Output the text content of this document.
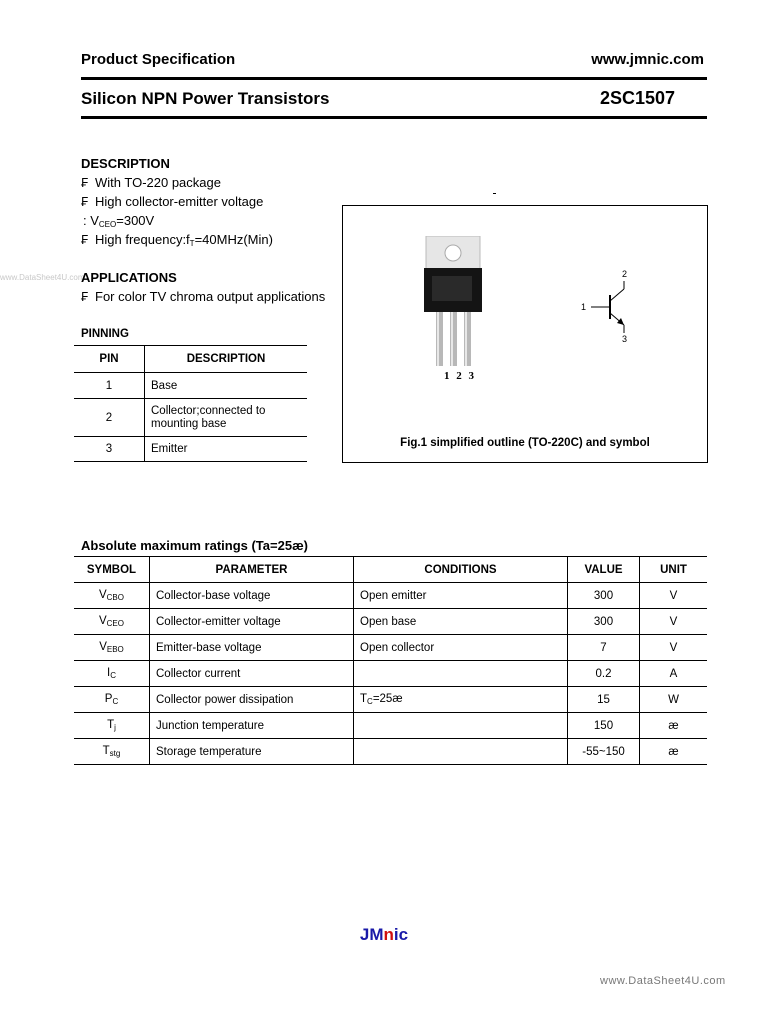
Product Specification	www.jmnic.com
Silicon NPN Power Transistors	2SC1507
DESCRIPTION
₣ With TO-220 package
₣ High collector-emitter voltage
: $V_{CEO}=300V$
₣ High $frequency:f_T=40MHz(Min)$
www.DataSheet4U.com
APPLICATIONS
₣ For color TV chroma output applications
PINNING
PIN	DESCRIPTION
1	Base
2	Collector;connected to mounting base
3	Emitter
1 2 3
1
2
3
Fig.1 simplified outline (TO-220C) and symbol
Absolute maximum ratings (Ta=25æ)
SYMBOL	PARAMETER	CONDITIONS	VALUE	UNIT
$V_{CBO}$	Collector-base voltage	Open emitter	300	V
$V_{CEO}$	Collector-emitter voltage	Open base	300	V
$V_{EBO}$	Emitter-base voltage	Open collector	7	V
$I_C$	Collector current		0.2	A
$P_C$	Collector power dissipation	$T_C=25æ$	15	W
$T_j$	Junction temperature		150	æ
$T_{stg}$	Storage temperature		-55~150	æ
JMnic
www.DataSheet4U.com
